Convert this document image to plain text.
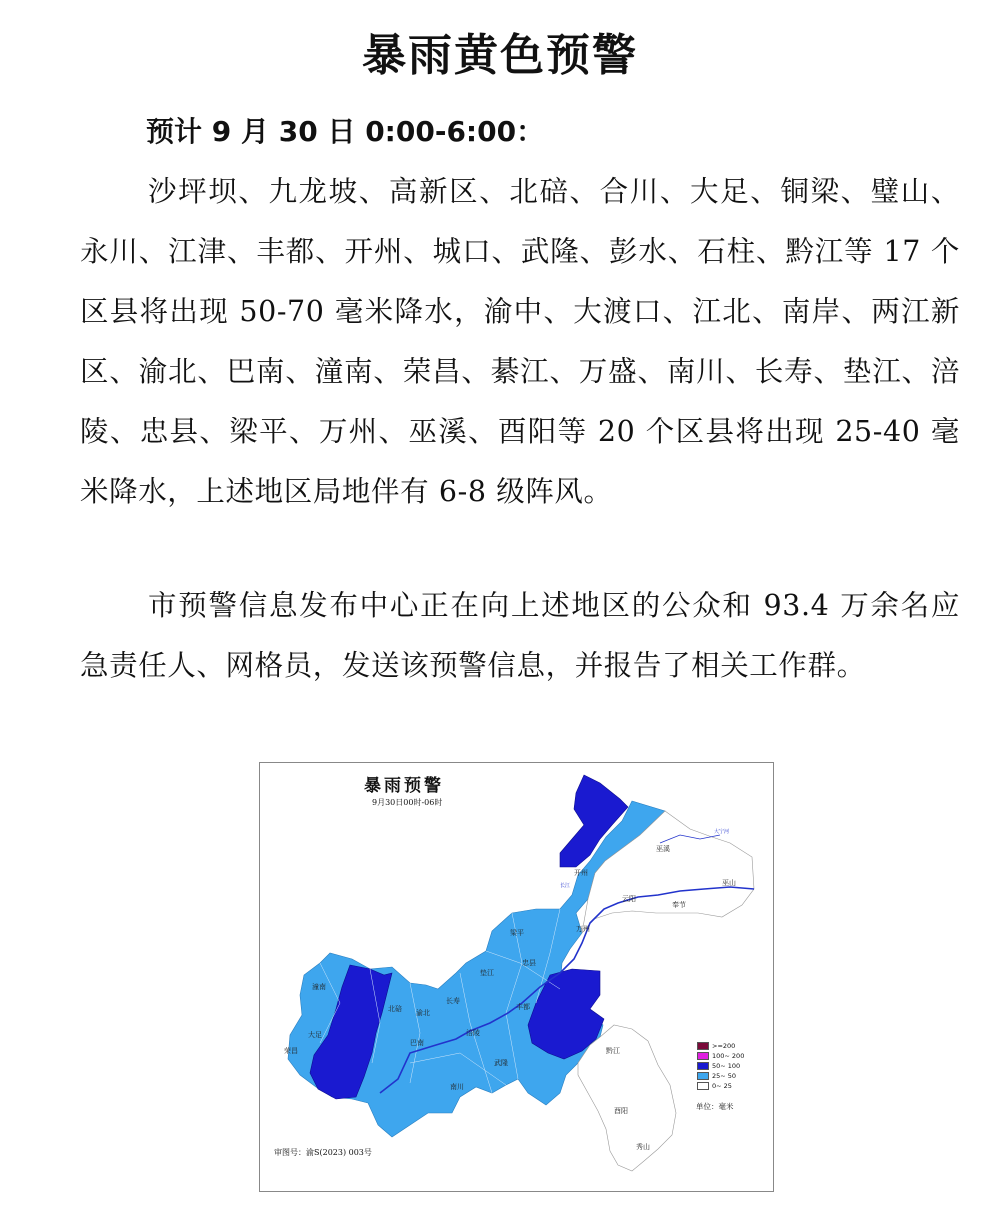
暴雨黄色预警
预计 9 月 30 日 0:00-6:00：
沙坪坝、九龙坡、高新区、北碚、合川、大足、铜梁、璧山、永川、江津、丰都、开州、城口、武隆、彭水、石柱、黔江等 17 个区县将出现 50-70 毫米降水，渝中、大渡口、江北、南岸、两江新区、渝北、巴南、潼南、荣昌、綦江、万盛、南川、长寿、垫江、涪陵、忠县、梁平、万州、巫溪、酉阳等 20 个区县将出现 25-40 毫米降水，上述地区局地伴有 6-8 级阵风。
市预警信息发布中心正在向上述地区的公众和 93.4 万余名应急责任人、网格员，发送该预警信息，并报告了相关工作群。
巫溪
大宁河
开州
云阳
奉节
巫山
万州
梁平
忠县
垫江
潼南
大足
荣昌
北碚 渝北
长寿
丰都
涪陵
巴南
南川
武隆
黔江
酉阳
秀山
长江
暴雨预警
9月30日00时-06时
审图号：渝S(2023) 003号
>=200
100~ 200
50~ 100
25~ 50
0~ 25
单位：毫米
